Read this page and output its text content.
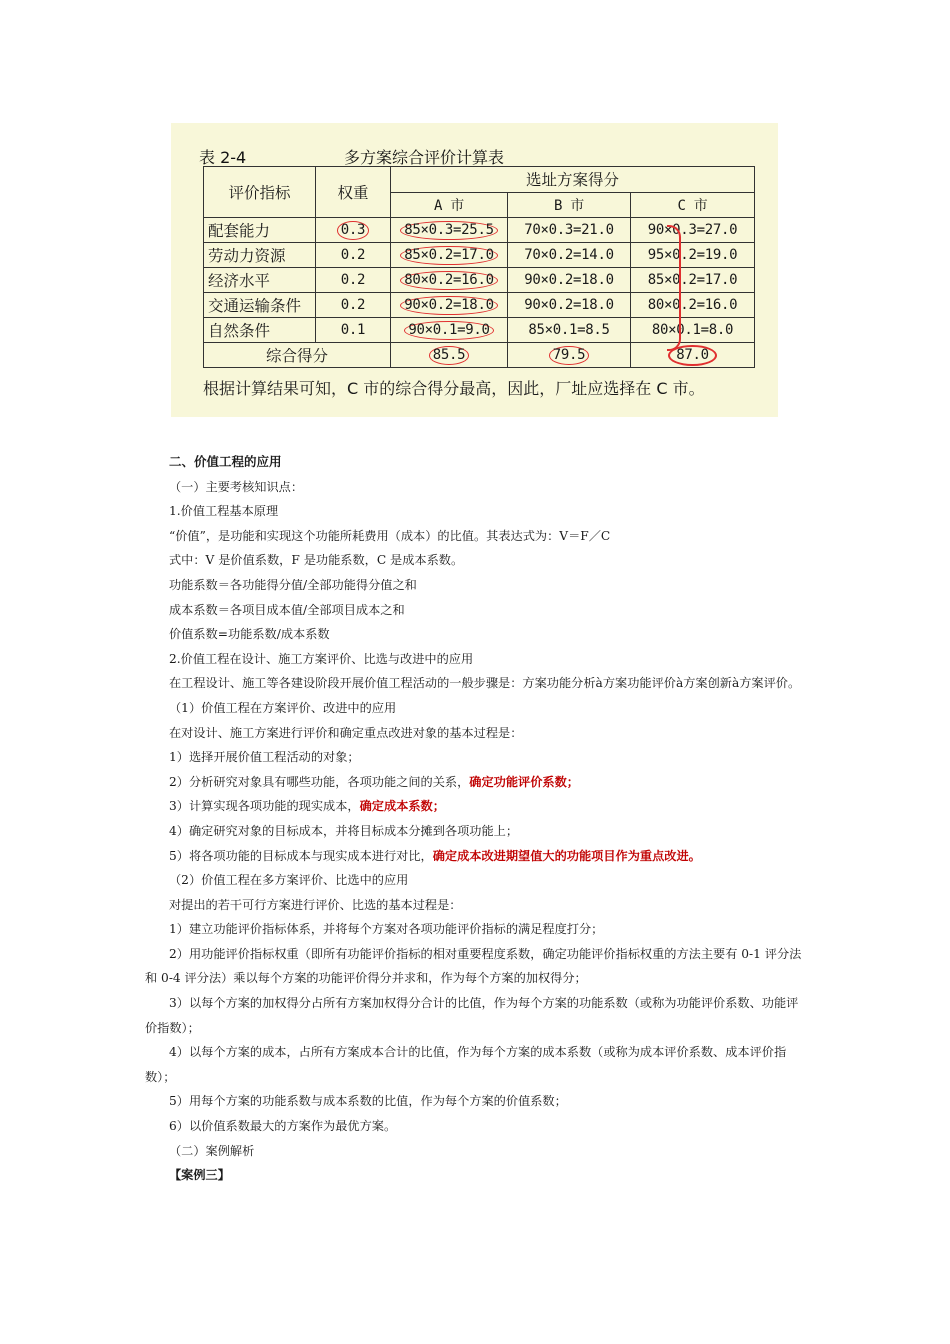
表 2-4	多方案综合评价计算表
评价指标	权重	选址方案得分		
		A 市	B 市	C 市
配套能力	0.3	85×0.3=25.5	70×0.3=21.0	90×0.3=27.0
劳动力资源	0.2	85×0.2=17.0	70×0.2=14.0	95×0.2=19.0
经济水平	0.2	80×0.2=16.0	90×0.2=18.0	85×0.2=17.0
交通运输条件	0.2	90×0.2=18.0	90×0.2=18.0	80×0.2=16.0
自然条件	0.1	90×0.1=9.0	85×0.1=8.5	80×0.1=8.0
综合得分		85.5	79.5	87.0
根据计算结果可知，C 市的综合得分最高，因此，厂址应选择在 C 市。

二、价值工程的应用

（一）主要考核知识点：

1.价值工程基本原理

“价值”，是功能和实现这个功能所耗费用（成本）的比值。其表达式为：V＝F／C

式中：V 是价值系数，F 是功能系数，C 是成本系数。

功能系数＝各功能得分值/全部功能得分值之和

成本系数＝各项目成本值/全部项目成本之和

价值系数=功能系数/成本系数

2.价值工程在设计、施工方案评价、比选与改进中的应用

在工程设计、施工等各建设阶段开展价值工程活动的一般步骤是：方案功能分析à方案功能评价à方案创新à方案评价。

（1）价值工程在方案评价、改进中的应用

在对设计、施工方案进行评价和确定重点改进对象的基本过程是：

1）选择开展价值工程活动的对象；

2）分析研究对象具有哪些功能，各项功能之间的关系，确定功能评价系数；

3）计算实现各项功能的现实成本，确定成本系数；

4）确定研究对象的目标成本，并将目标成本分摊到各项功能上；

5）将各项功能的目标成本与现实成本进行对比，确定成本改进期望值大的功能项目作为重点改进。

（2）价值工程在多方案评价、比选中的应用

对提出的若干可行方案进行评价、比选的基本过程是：

1）建立功能评价指标体系，并将每个方案对各项功能评价指标的满足程度打分；

2）用功能评价指标权重（即所有功能评价指标的相对重要程度系数，确定功能评价指标权重的方法主要有 0-1 评分法和 0-4 评分法）乘以每个方案的功能评价得分并求和，作为每个方案的加权得分；

3）以每个方案的加权得分占所有方案加权得分合计的比值，作为每个方案的功能系数（或称为功能评价系数、功能评价指数）；

4）以每个方案的成本，占所有方案成本合计的比值，作为每个方案的成本系数（或称为成本评价系数、成本评价指数）；

5）用每个方案的功能系数与成本系数的比值，作为每个方案的价值系数；

6）以价值系数最大的方案作为最优方案。

（二）案例解析

【案例三】
